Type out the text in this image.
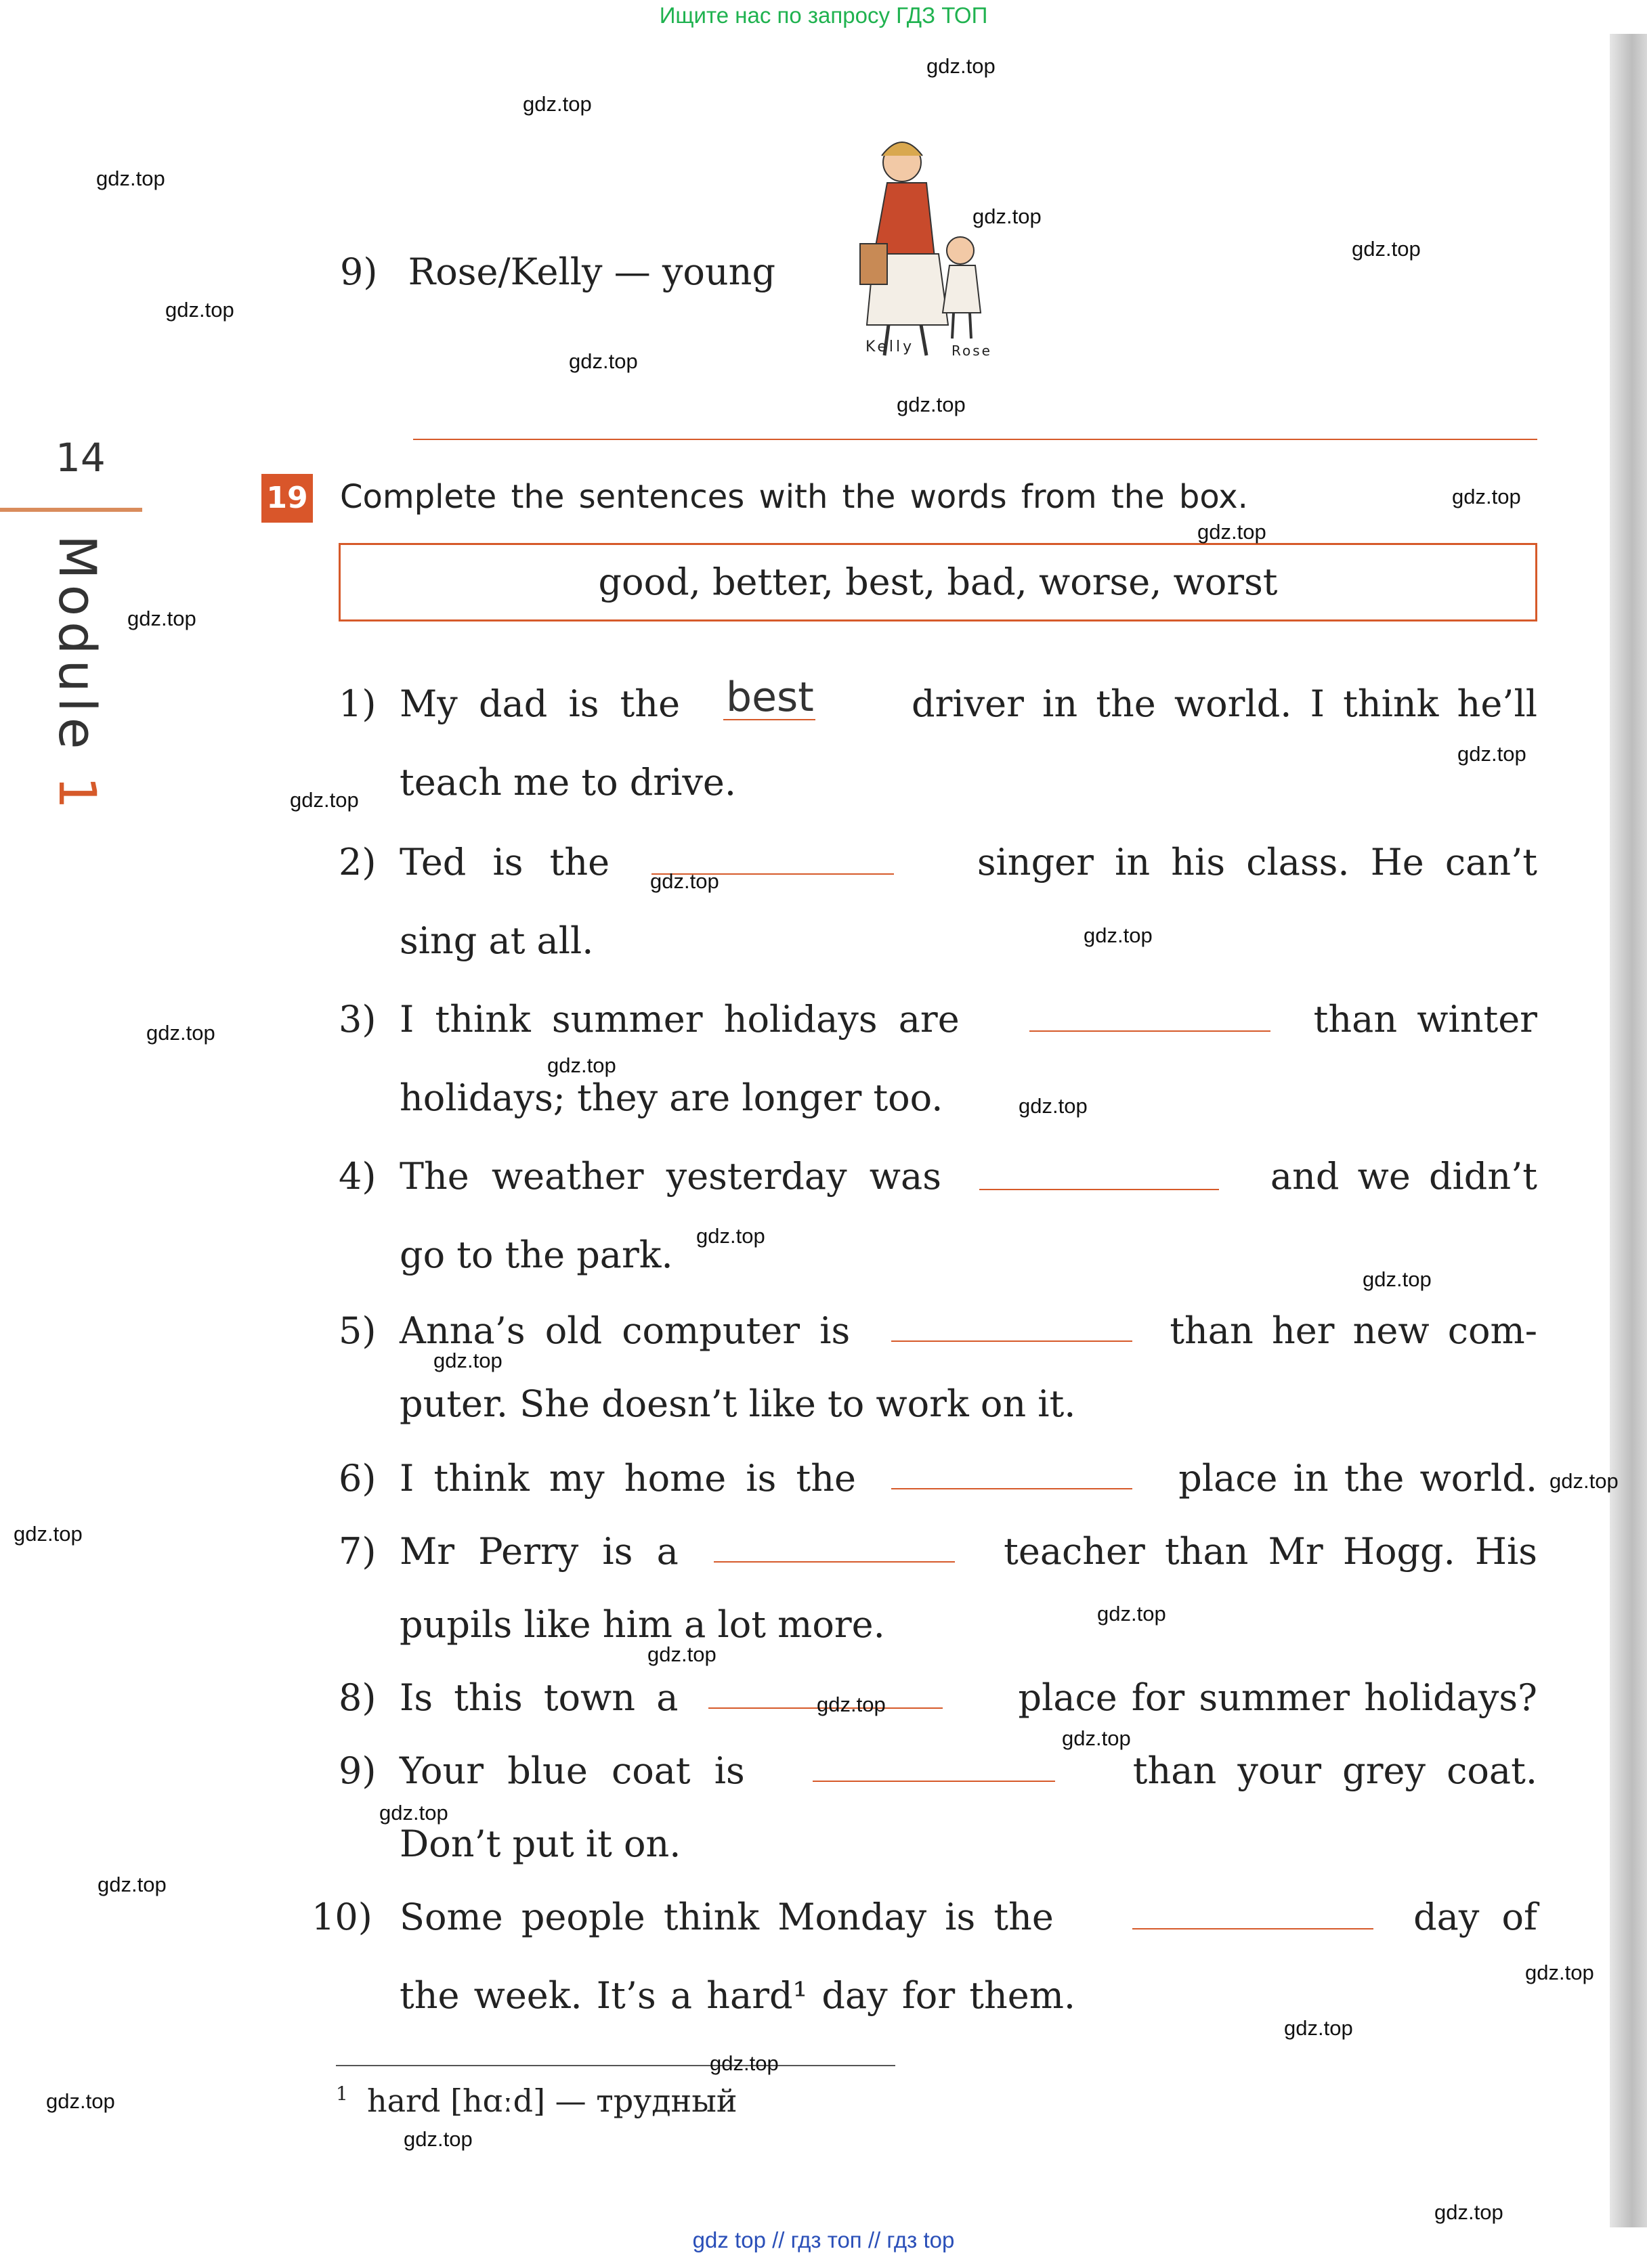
Ищите нас по запросу ГДЗ ТОП
14
Module 1
9) Rose/Kelly — young
Kelly	Rose
19 Complete the sentences with the words from the box.
good, better, best, bad, worse, worst
1) My dad is the best	driver in the world. I think he’ll
teach me to drive.
2) Ted is the	singer in his class. He can’t
sing at all.
3) I think summer holidays are	than winter
holidays; they are longer too.
4) The weather yesterday was	and we didn’t
go to the park.
5) Anna’s old computer is	than her new com-
puter. She doesn’t like to work on it.
6) I think my home is the	place in the world.
7) Mr Perry is a	teacher than Mr Hogg. His
pupils like him a lot more.
8) Is this town a	place for summer holidays?
9) Your blue coat is	than your grey coat.
Don’t put it on.
10) Some people think Monday is the	day of
the week. It’s a hard¹ day for them.
1 hard [hɑːd] — трудный
gdz.top
gdz.top
gdz.top
gdz.top
gdz.top
gdz.top
gdz.top
gdz.top
gdz.top
gdz.top
gdz.top
gdz.top
gdz.top
gdz.top
gdz.top
gdz.top
gdz.top
gdz.top
gdz.top
gdz.top
gdz.top
gdz.top
gdz.top
gdz.top
gdz.top
gdz.top
gdz.top
gdz.top
gdz.top
gdz.top
gdz.top
gdz.top
gdz.top
gdz.top
gdz.top
gdz top // гдз топ // гдз top
